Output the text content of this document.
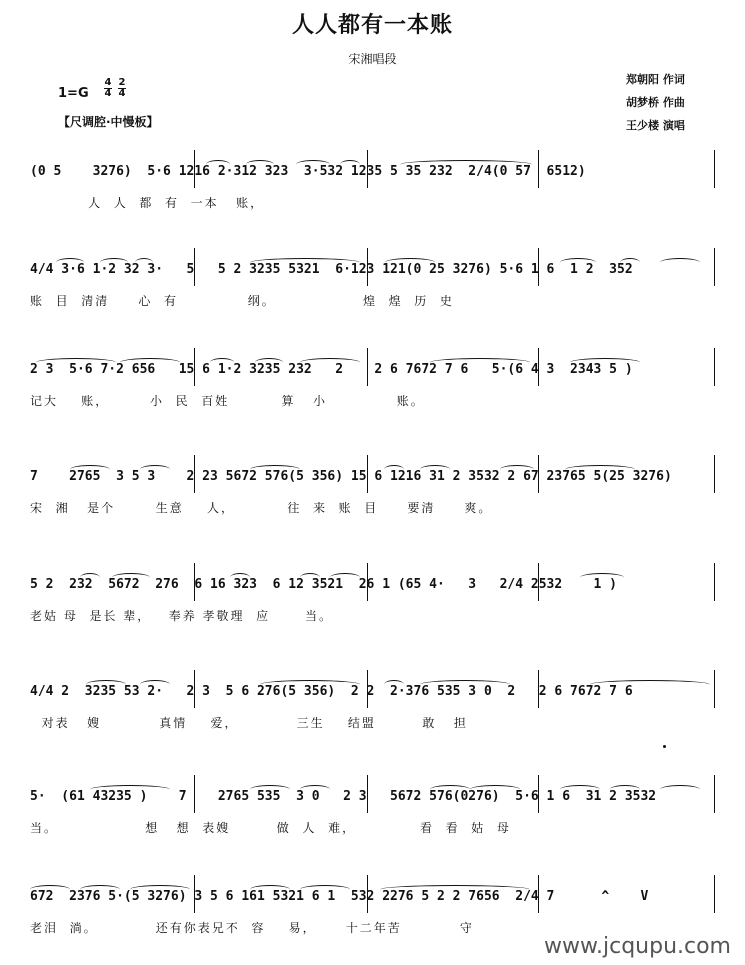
人人都有一本账
宋湘唱段
$1=G \frac{4}{4} \frac{2}{4}$
【尺调腔·中慢板】
郑朝阳 作词
胡梦桥 作曲
王少楼 演唱
(0 5    3276)  5·6 1216 2·312 323  3·532 1235 5 35 232  2/4(0 57  6512)
人  人  都  有  一本   账，
4/4 3·6 1·2 32 3·   5   5 2 3235 5321  6·123 121(0 25 3276) 5·6 1 6  1 2  352
账  目  清清     心  有            纲。               煌  煌  历  史
2 3  5·6 7·2 656   15 6 1·2 3235 232   2    2 6 7672 7 6   5·(6 4 3  2343 5 )
记大    账，       小  民  百姓         算   小            账。
7    2765  3 5 3    2 23 5672 576(5 356) 15 6 1216 31 2 3532 2 67 23765 5(25 3276)
宋  湘   是个       生意    人，         往  来  账  目     要清     爽。
5 2  232  5672  276  6 16 323  6 12 3521  26 1 (65 4·   3   2/4 2532    1 )
老姑 母  是长 辈，   奉养 孝敬理  应      当。
4/4 2  3235 53 2·   2 3  5 6 276(5 356)  2 2  2·376 535 3 0  2   2 6 7672 7 6
对表   嫂          真情    爱，          三生    结盟        敢   担
5·  (61 43235 )    7    2765 535  3 0   2 3   5672 576(0276)  5·6 1 6  31 2 3532
当。               想   想  表嫂        做  人  难，           看  看  姑  母
672  2376 5·(5 3276) 3 5 6 161 5321 6 1  532 2276 5 2 2 7656  2/4 7      ^    V
老泪  淌。          还有你表兄不  容    易，     十二年苦          守
www.jcqupu.com
